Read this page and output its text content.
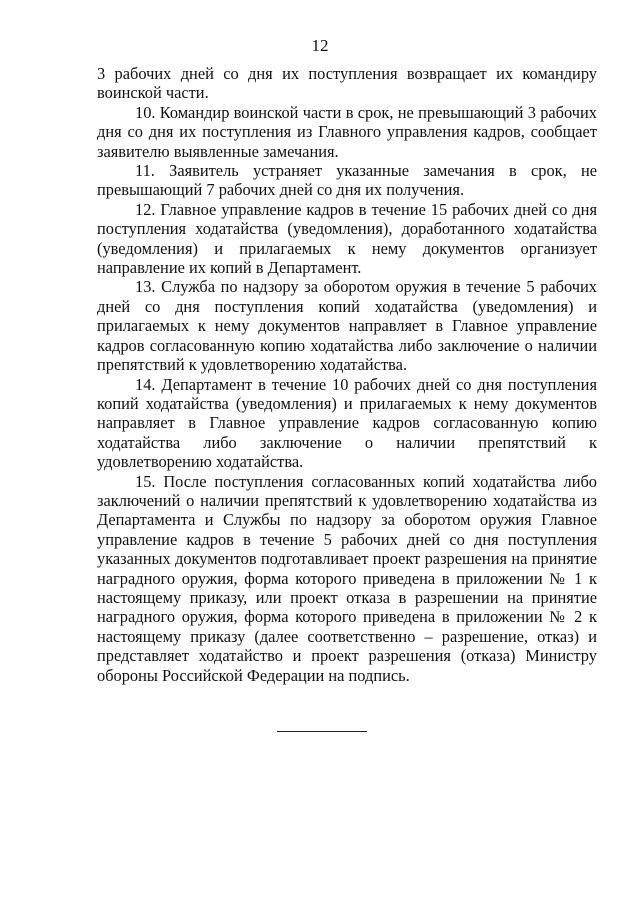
12

3 рабочих дней со дня их поступления возвращает их командиру воинской части.

10. Командир воинской части в срок, не превышающий 3 рабочих дня со дня их поступления из Главного управления кадров, сообщает заявителю выявленные замечания.

11. Заявитель устраняет указанные замечания в срок, не превышающий 7 рабочих дней со дня их получения.

12. Главное управление кадров в течение 15 рабочих дней со дня поступления ходатайства (уведомления), доработанного ходатайства (уведомления) и прилагаемых к нему документов организует направление их копий в Департамент.

13. Служба по надзору за оборотом оружия в течение 5 рабочих дней со дня поступления копий ходатайства (уведомления) и прилагаемых к нему документов направляет в Главное управление кадров согласованную копию ходатайства либо заключение о наличии препятствий к удовлетворению ходатайства.

14. Департамент в течение 10 рабочих дней со дня поступления копий ходатайства (уведомления) и прилагаемых к нему документов направляет в Главное управление кадров согласованную копию ходатайства либо заключение о наличии препятствий к удовлетворению ходатайства.

15. После поступления согласованных копий ходатайства либо заключений о наличии препятствий к удовлетворению ходатайства из Департамента и Службы по надзору за оборотом оружия Главное управление кадров в течение 5 рабочих дней со дня поступления указанных документов подготавливает проект разрешения на принятие наградного оружия, форма которого приведена в приложении № 1 к настоящему приказу, или проект отказа в разрешении на принятие наградного оружия, форма которого приведена в приложении № 2 к настоящему приказу (далее соответственно – разрешение, отказ) и представляет ходатайство и проект разрешения (отказа) Министру обороны Российской Федерации на подпись.
